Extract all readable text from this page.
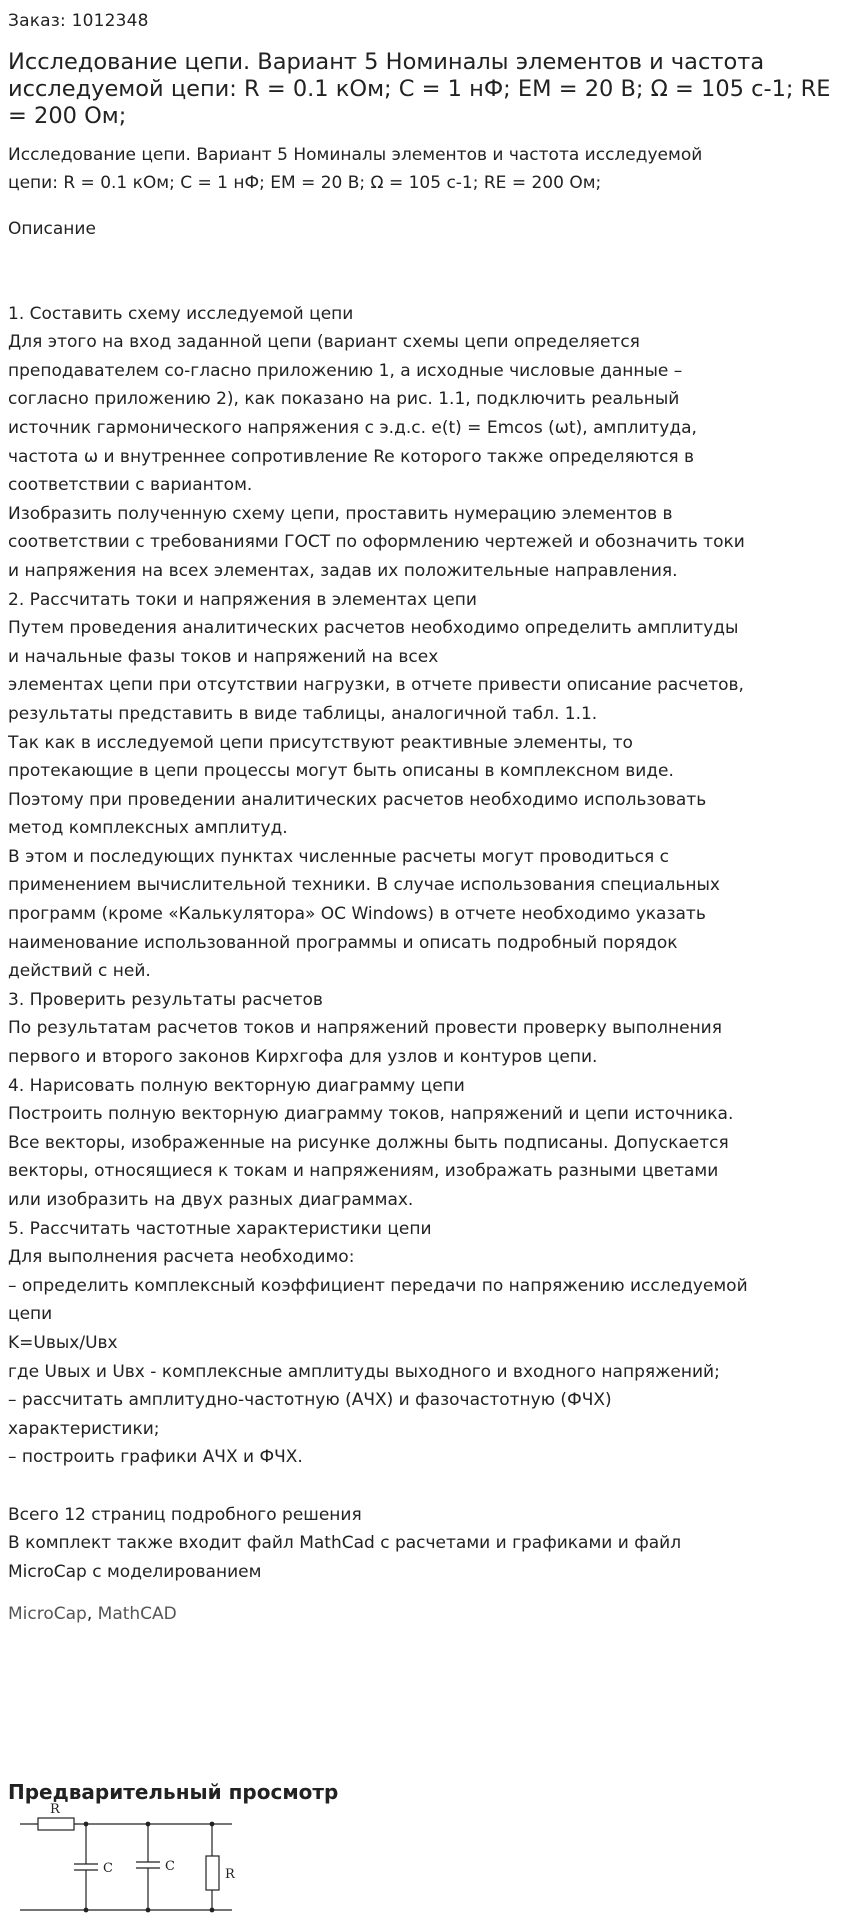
Заказ: 1012348
Исследование цепи. Вариант 5 Номиналы элементов и частота исследуемой цепи: R = 0.1 кОм; С = 1 нФ; ЕМ = 20 В; Ω = 105 с-1; RE = 200 Ом;
Исследование цепи. Вариант 5 Номиналы элементов и частота исследуемой
цепи: R = 0.1 кОм; С = 1 нФ; ЕМ = 20 В; Ω = 105 с-1; RE = 200 Ом;
Описание
1. Составить схему исследуемой цепи
Для этого на вход заданной цепи (вариант схемы цепи определяется
преподавателем со-гласно приложению 1, а исходные числовые данные –
согласно приложению 2), как показано на рис. 1.1, подключить реальный
источник гармонического напряжения с э.д.с. e(t) = Emcos (ωt), амплитуда,
частота ω и внутреннее сопротивление Re которого также определяются в
соответствии с вариантом.
Изобразить полученную схему цепи, проставить нумерацию элементов в
соответствии с требованиями ГОСТ по оформлению чертежей и обозначить токи
и напряжения на всех элементах, задав их положительные направления.
2. Рассчитать токи и напряжения в элементах цепи
Путем проведения аналитических расчетов необходимо определить амплитуды
и начальные фазы токов и напряжений на всех
элементах цепи при отсутствии нагрузки, в отчете привести описание расчетов,
результаты представить в виде таблицы, аналогичной табл. 1.1.
Так как в исследуемой цепи присутствуют реактивные элементы, то
протекающие в цепи процессы могут быть описаны в комплексном виде.
Поэтому при проведении аналитических расчетов необходимо использовать
метод комплексных амплитуд.
В этом и последующих пунктах численные расчеты могут проводиться с
применением вычислительной техники. В случае использования специальных
программ (кроме «Калькулятора» ОС Windows) в отчете необходимо указать
наименование использованной программы и описать подробный порядок
действий с ней.
3. Проверить результаты расчетов
По результатам расчетов токов и напряжений провести проверку выполнения
первого и второго законов Кирхгофа для узлов и контуров цепи.
4. Нарисовать полную векторную диаграмму цепи
Построить полную векторную диаграмму токов, напряжений и цепи источника.
Все векторы, изображенные на рисунке должны быть подписаны. Допускается
векторы, относящиеся к токам и напряжениям, изображать разными цветами
или изобразить на двух разных диаграммах.
5. Рассчитать частотные характеристики цепи
Для выполнения расчета необходимо:
– определить комплексный коэффициент передачи по напряжению исследуемой
цепи
K=Uвых/Uвх
где Uвых и Uвх - комплексные амплитуды выходного и входного напряжений;
– рассчитать амплитудно-частотную (АЧХ) и фазочастотную (ФЧХ)
характеристики;
– построить графики АЧХ и ФЧХ.
Всего 12 страниц подробного решения
В комплект также входит файл MathCad с расчетами и графиками и файл
MicroCap с моделированием
MicroCap, MathCAD
Предварительный просмотр
R
C	C
R
